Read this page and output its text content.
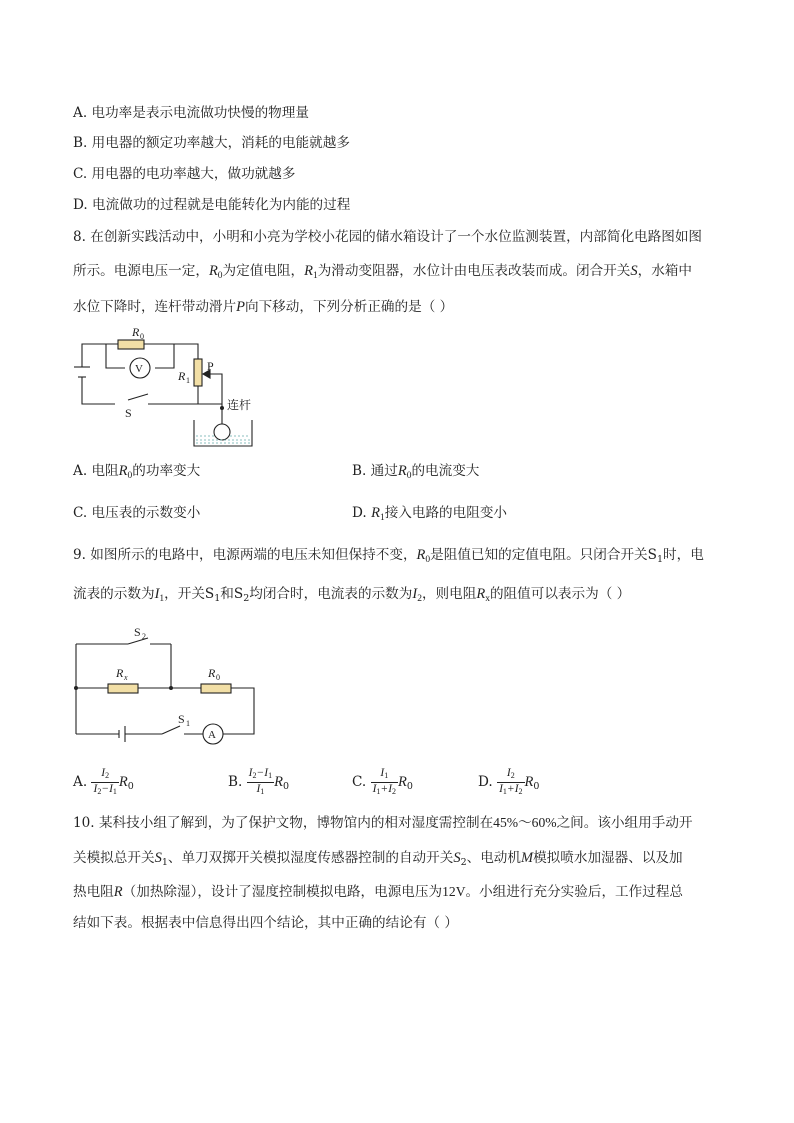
A. 电功率是表示电流做功快慢的物理量
B. 用电器的额定功率越大，消耗的电能就越多
C. 用电器的电功率越大，做功就越多
D. 电流做功的过程就是电能转化为内能的过程
8. 在创新实践活动中，小明和小亮为学校小花园的储水箱设计了一个水位监测装置，内部简化电路图如图
所示。电源电压一定，$R_0$为定值电阻，$R_1$为滑动变阻器，水位计由电压表改装而成。闭合开关S，水箱中
水位下降时，连杆带动滑片P向下移动，下列分析正确的是（ ）
R 0
V	R 1
P
S
连杆
A. 电阻$R_0$的功率变大	B. 通过$R_0$的电流变大
C. 电压表的示数变小	D. $R_1$接入电路的电阻变小
9. 如图所示的电路中，电源两端的电压未知但保持不变，$R_0$是阻值已知的定值电阻。只闭合开关$S_1$时，电
流表的示数为$I_1$，开关$S_1$和$S_2$均闭合时，电流表的示数为$I_2$，则电阻$R_x$的阻值可以表示为（ ）
S 2
R x	R 0
S 1
A
A. $\frac{I2}{I2-I1} R_0$	B. $\frac{I2-I1}{I1} R_0$	C. $\frac{I1}{I1+I2} R_0$	D. $\frac{I2}{I1+I2} R_0$
10. 某科技小组了解到，为了保护文物，博物馆内的相对湿度需控制在45%～60%之间。该小组用手动开
关模拟总开关$S_1$、单刀双掷开关模拟湿度传感器控制的自动开关$S_2$、电动机M模拟喷水加湿器、以及加
热电阻R（加热除湿），设计了湿度控制模拟电路，电源电压为12V。小组进行充分实验后，工作过程总
结如下表。根据表中信息得出四个结论，其中正确的结论有（ ）
